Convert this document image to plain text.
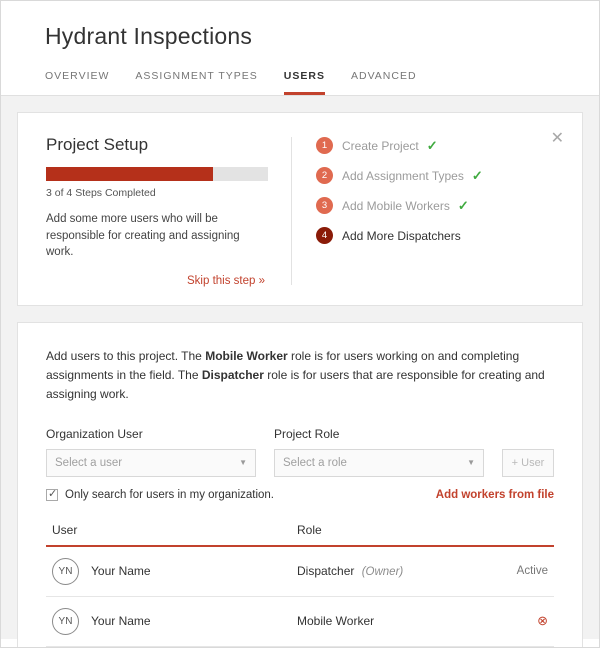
Hydrant Inspections
OVERVIEW ASSIGNMENT TYPES USERS ADVANCED
Project Setup
3 of 4 Steps Completed

Add some more users who will be responsible for creating and assigning work.

Skip this step »
1	Create Project ✓
2	Add Assignment Types ✓
3	Add Mobile Workers ✓
4	Add More Dispatchers
✕

Add users to this project. The Mobile Worker role is for users working on and completing assignments in the field. The Dispatcher role is for users that are responsible for creating and assigning work.

Organization User
Select a user	▼
Project Role
Select a role	▼	+ User
✓
Only search for users in my organization.	Add workers from file
User	Role
YN	Your Name	Dispatcher (Owner)	Active
YN	Your Name	Mobile Worker	⊗
